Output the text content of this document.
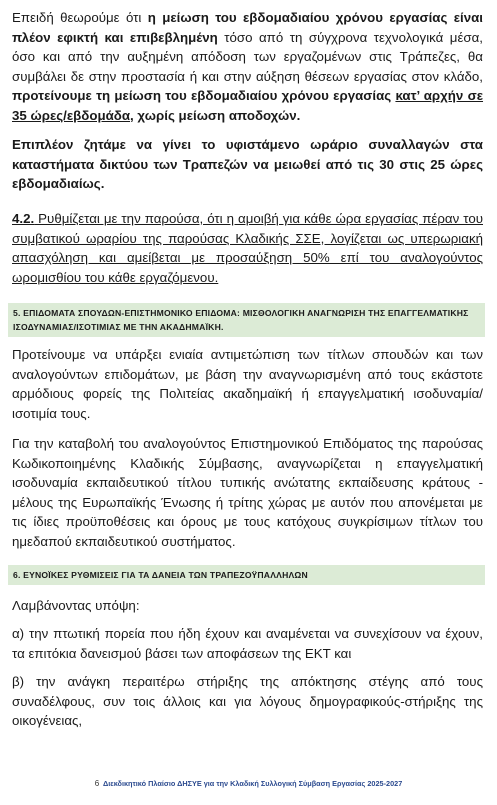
Επειδή θεωρούμε ότι η μείωση του εβδομαδιαίου χρόνου εργασίας είναι πλέον εφικτή και επιβεβλημένη τόσο από τη σύγχρονα τεχνολογικά μέσα, όσο και από την αυξημένη απόδοση των εργαζομένων στις Τράπεζες, θα συμβάλει δε στην προστασία ή και στην αύξηση θέσεων εργασίας στον κλάδο, προτείνουμε τη μείωση του εβδομαδιαίου χρόνου εργασίας κατ’ αρχήν σε 35 ώρες/εβδομάδα, χωρίς μείωση αποδοχών.

Επιπλέον ζητάμε να γίνει το υφιστάμενο ωράριο συναλλαγών στα καταστήματα δικτύου των Τραπεζών να μειωθεί από τις 30 στις 25 ώρες εβδομαδιαίως.

4.2. Ρυθμίζεται με την παρούσα, ότι η αμοιβή για κάθε ώρα εργασίας πέραν του συμβατικού ωραρίου της παρούσας Κλαδικής ΣΣΕ, λογίζεται ως υπερωριακή απασχόληση και αμείβεται με προσαύξηση 50% επί του αναλογούντος ωρομισθίου του κάθε εργαζόμενου.

5. ΕΠΙΔΟΜΑΤΑ ΣΠΟΥΔΩΝ-ΕΠΙΣΤΗΜΟΝΙΚΟ ΕΠΙΔΟΜΑ: ΜΙΣΘΟΛΟΓΙΚΗ ΑΝΑΓΝΩΡΙΣΗ ΤΗΣ ΕΠΑΓΓΕΛΜΑΤΙΚΗΣ ΙΣΟΔΥΝΑΜΙΑΣ/ΙΣΟΤΙΜΙΑΣ ΜΕ ΤΗΝ ΑΚΑΔΗΜΑΪΚΗ.

Προτείνουμε να υπάρξει ενιαία αντιμετώπιση των τίτλων σπουδών και των αναλογούντων επιδομάτων, με βάση την αναγνωρισμένη από τους εκάστοτε αρμόδιους φορείς της Πολιτείας ακαδημαϊκή ή επαγγελματική ισοδυναμία/ισοτιμία τους.

Για την καταβολή του αναλογούντος Επιστημονικού Επιδόματος της παρούσας Κωδικοποιημένης Κλαδικής Σύμβασης, αναγνωρίζεται η επαγγελματική ισοδυναμία εκπαιδευτικού τίτλου τυπικής ανώτατης εκπαίδευσης κράτους - μέλους της Ευρωπαϊκής Ένωσης ή τρίτης χώρας με αυτόν που απονέμεται με τις ίδιες προϋποθέσεις και όρους με τους κατόχους συγκρίσιμων τίτλων του ημεδαπού εκπαιδευτικού συστήματος.

6. ΕΥΝΟΪΚΕΣ ΡΥΘΜΙΣΕΙΣ ΓΙΑ ΤΑ ΔΑΝΕΙΑ ΤΩΝ ΤΡΑΠΕΖΟΫΠΑΛΛΗΛΩΝ

Λαμβάνοντας υπόψη:

α) την πτωτική πορεία που ήδη έχουν και αναμένεται να συνεχίσουν να έχουν, τα επιτόκια δανεισμού βάσει των αποφάσεων της ΕΚΤ και

β) την ανάγκη περαιτέρω στήριξης της απόκτησης στέγης από τους συναδέλφους, συν τοις άλλοις και για λόγους δημογραφικούς-στήριξης της οικογένειας,

6 Διεκδικητικό Πλαίσιο ΔΗΣΥΕ για την Κλαδική Συλλογική Σύμβαση Εργασίας 2025-2027
